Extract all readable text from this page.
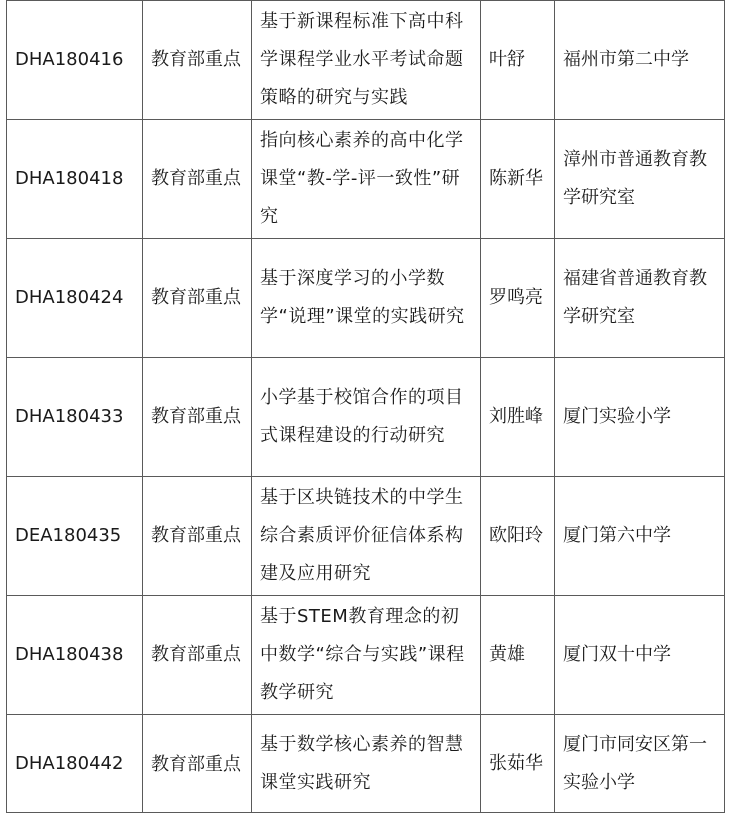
DHA180416	教育部重点	基于新课程标准下高中科学课程学业水平考试命题策略的研究与实践	叶舒	福州市第二中学
DHA180418	教育部重点	指向核心素养的高中化学课堂“教-学-评一致性”研究	陈新华	漳州市普通教育教学研究室
DHA180424	教育部重点	基于深度学习的小学数学“说理”课堂的实践研究	罗鸣亮	福建省普通教育教学研究室
DHA180433	教育部重点	小学基于校馆合作的项目式课程建设的行动研究	刘胜峰	厦门实验小学
DEA180435	教育部重点	基于区块链技术的中学生综合素质评价征信体系构建及应用研究	欧阳玲	厦门第六中学
DHA180438	教育部重点	基于STEM教育理念的初中数学“综合与实践”课程教学研究	黄雄	厦门双十中学
DHA180442	教育部重点	基于数学核心素养的智慧课堂实践研究	张茹华	厦门市同安区第一实验小学
